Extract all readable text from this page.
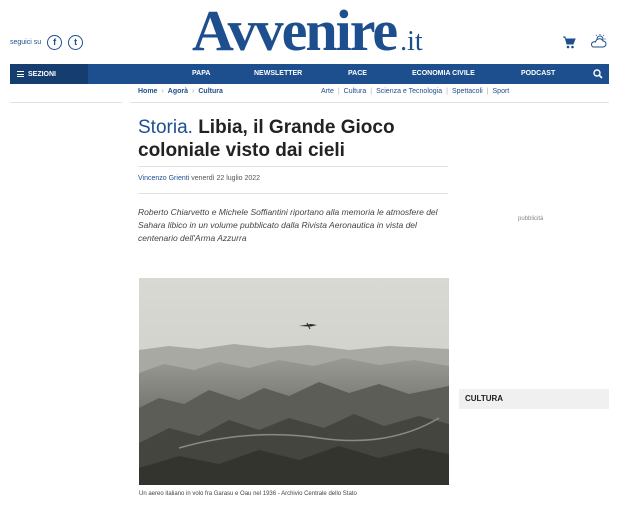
seguici su	f	t Avvenire .it
SEZIONI	PAPA	NEWSLETTER	PACE	ECONOMIA CIVILE	PODCAST
Home › Agorà › Cultura	Arte | Cultura | Scienza e Tecnologia | Spettacoli | Sport
Storia. Libia, il Grande Gioco coloniale visto dai cieli
Vincenzo Grienti venerdì 22 luglio 2022

Roberto Chiarvetto e Michele Soffiantini riportano alla memoria le atmosfere del Sahara libico in un volume pubblicato dalla Rivista Aeronautica in vista del centenario dell'Arma Azzurra

Un aereo italiano in volo fra Garasu e Oau nel 1936 - Archivio Centrale dello Stato
pubblicità
CULTURA
